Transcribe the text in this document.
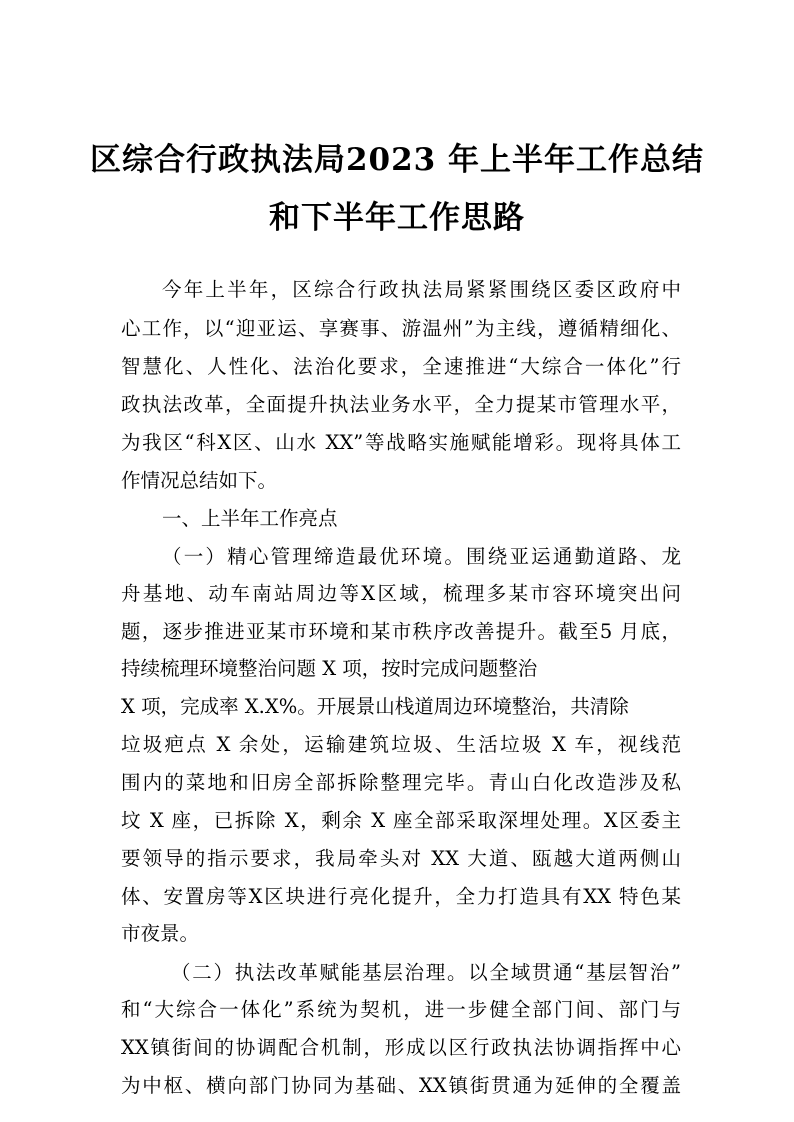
区综合行政执法局2023 年上半年工作总结
和下半年工作思路

今年上半年，区综合行政执法局紧紧围绕区委区政府中

心工作，以“迎亚运、享赛事、游温州”为主线，遵循精细化、

智慧化、人性化、法治化要求，全速推进“大综合一体化”行

政执法改革，全面提升执法业务水平，全力提某市管理水平，

为我区“科X区、山水 XX”等战略实施赋能增彩。现将具体工

作情况总结如下。

一、上半年工作亮点

（一）精心管理缔造最优环境。围绕亚运通勤道路、龙

舟基地、动车南站周边等X区域，梳理多某市容环境突出问

题，逐步推进亚某市环境和某市秩序改善提升。截至5 月底，

持续梳理环境整治问题 X 项，按时完成问题整治

X 项，完成率 X.X%。开展景山栈道周边环境整治，共清除

垃圾疤点 X 余处，运输建筑垃圾、生活垃圾 X 车，视线范

围内的菜地和旧房全部拆除整理完毕。青山白化改造涉及私

坟 X 座，已拆除 X，剩余 X 座全部采取深埋处理。X区委主

要领导的指示要求，我局牵头对 XX 大道、瓯越大道两侧山

体、安置房等X区块进行亮化提升，全力打造具有XX 特色某

市夜景。

（二）执法改革赋能基层治理。以全域贯通“基层智治”

和“大综合一体化”系统为契机，进一步健全部门间、部门与

XX镇街间的协调配合机制，形成以区行政执法协调指挥中心

为中枢、横向部门协同为基础、XX镇街贯通为延伸的全覆盖
